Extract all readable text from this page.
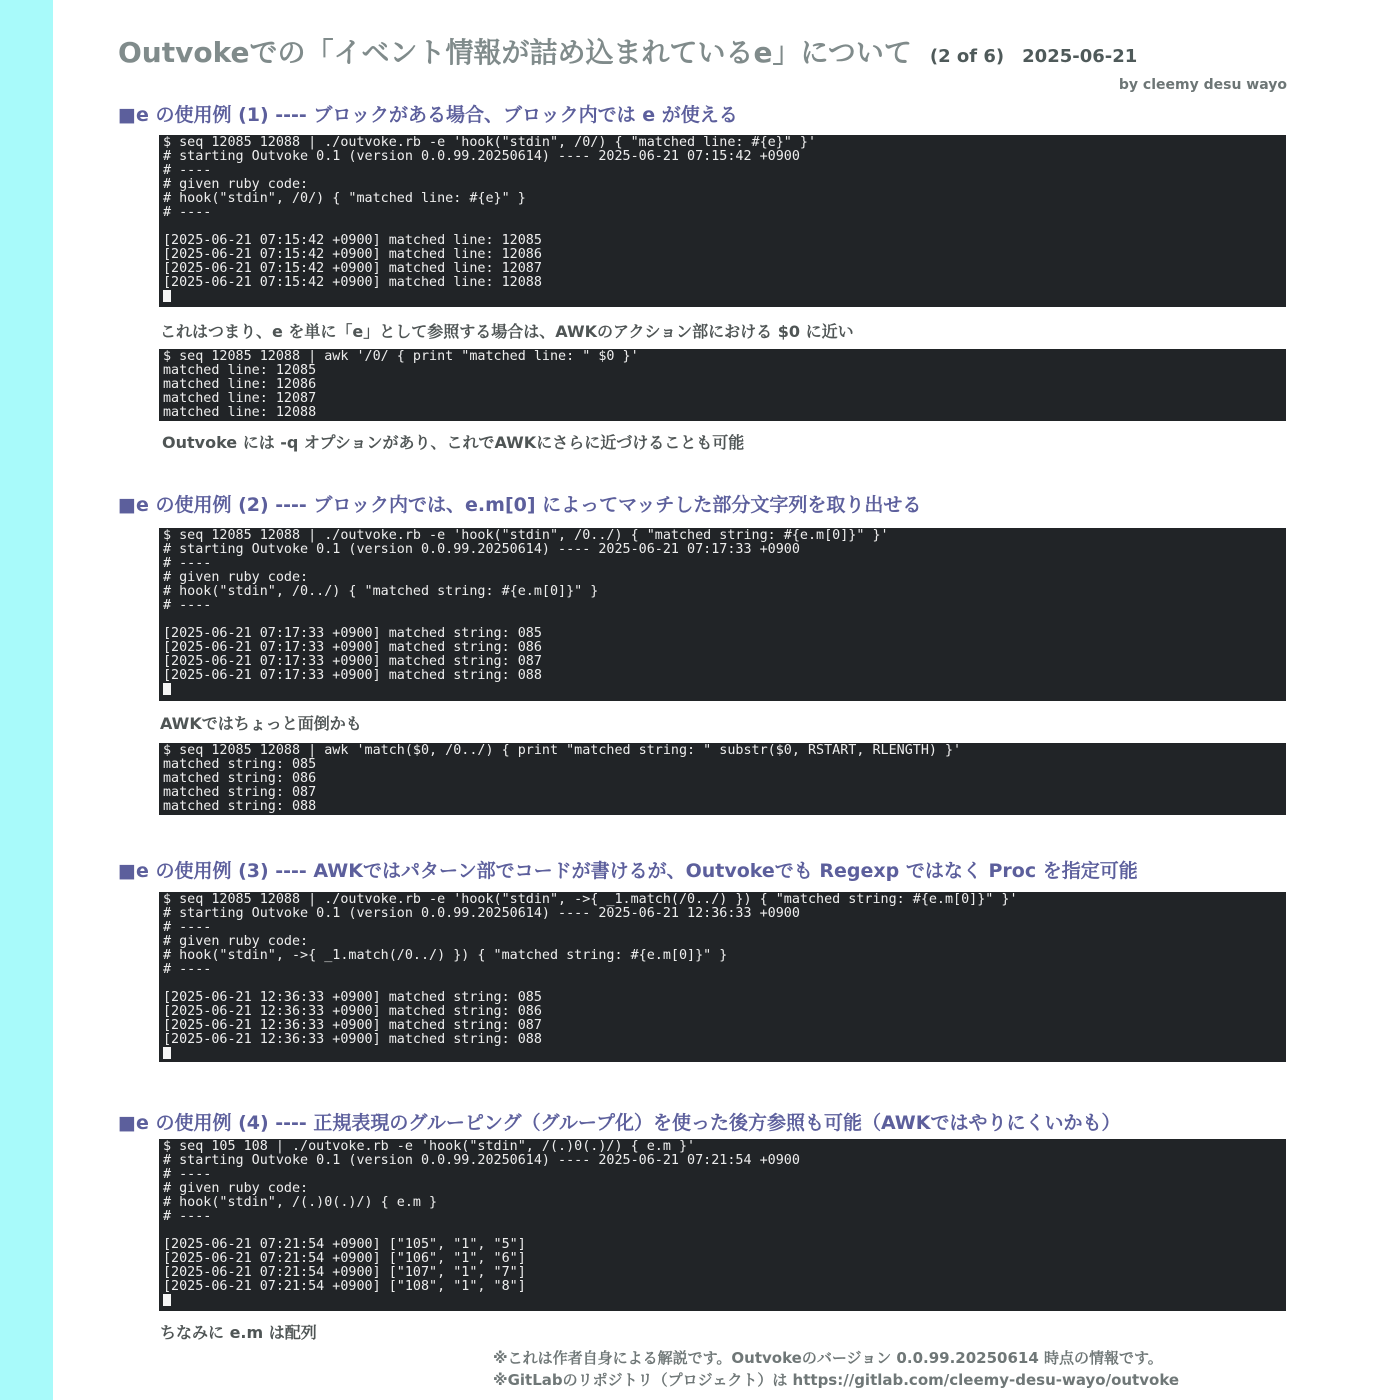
Outvokeでの「イベント情報が詰め込まれているe」について (2 of 6) 2025-06-21
by cleemy desu wayo
■e の使用例 (1) ---- ブロックがある場合、ブロック内では e が使える
$ seq 12085 12088 | ./outvoke.rb -e 'hook("stdin", /0/) { "matched line: #{e}" }'
# starting Outvoke 0.1 (version 0.0.99.20250614) ---- 2025-06-21 07:15:42 +0900
# ----
# given ruby code:
# hook("stdin", /0/) { "matched line: #{e}" }
# ----
[2025-06-21 07:15:42 +0900] matched line: 12085
[2025-06-21 07:15:42 +0900] matched line: 12086
[2025-06-21 07:15:42 +0900] matched line: 12087
[2025-06-21 07:15:42 +0900] matched line: 12088
これはつまり、e を単に「e」として参照する場合は、AWKのアクション部における $0 に近い
$ seq 12085 12088 | awk '/0/ { print "matched line: " $0 }'
matched line: 12085
matched line: 12086
matched line: 12087
matched line: 12088
Outvoke には -q オプションがあり、これでAWKにさらに近づけることも可能
■e の使用例 (2) ---- ブロック内では、e.m[0] によってマッチした部分文字列を取り出せる
$ seq 12085 12088 | ./outvoke.rb -e 'hook("stdin", /0../) { "matched string: #{e.m[0]}" }'
# starting Outvoke 0.1 (version 0.0.99.20250614) ---- 2025-06-21 07:17:33 +0900
# ----
# given ruby code:
# hook("stdin", /0../) { "matched string: #{e.m[0]}" }
# ----
[2025-06-21 07:17:33 +0900] matched string: 085
[2025-06-21 07:17:33 +0900] matched string: 086
[2025-06-21 07:17:33 +0900] matched string: 087
[2025-06-21 07:17:33 +0900] matched string: 088
AWKではちょっと面倒かも
$ seq 12085 12088 | awk 'match($0, /0../) { print "matched string: " substr($0, RSTART, RLENGTH) }'
matched string: 085
matched string: 086
matched string: 087
matched string: 088
■e の使用例 (3) ---- AWKではパターン部でコードが書けるが、Outvokeでも Regexp ではなく Proc を指定可能
$ seq 12085 12088 | ./outvoke.rb -e 'hook("stdin", ->{ _1.match(/0../) }) { "matched string: #{e.m[0]}" }'
# starting Outvoke 0.1 (version 0.0.99.20250614) ---- 2025-06-21 12:36:33 +0900
# ----
# given ruby code:
# hook("stdin", ->{ _1.match(/0../) }) { "matched string: #{e.m[0]}" }
# ----
[2025-06-21 12:36:33 +0900] matched string: 085
[2025-06-21 12:36:33 +0900] matched string: 086
[2025-06-21 12:36:33 +0900] matched string: 087
[2025-06-21 12:36:33 +0900] matched string: 088
■e の使用例 (4) ---- 正規表現のグルーピング（グループ化）を使った後方参照も可能（AWKではやりにくいかも）
$ seq 105 108 | ./outvoke.rb -e 'hook("stdin", /(.)0(.)/) { e.m }'
# starting Outvoke 0.1 (version 0.0.99.20250614) ---- 2025-06-21 07:21:54 +0900
# ----
# given ruby code:
# hook("stdin", /(.)0(.)/) { e.m }
# ----
[2025-06-21 07:21:54 +0900] ["105", "1", "5"]
[2025-06-21 07:21:54 +0900] ["106", "1", "6"]
[2025-06-21 07:21:54 +0900] ["107", "1", "7"]
[2025-06-21 07:21:54 +0900] ["108", "1", "8"]
ちなみに e.m は配列
※これは作者自身による解説です。Outvokeのバージョン 0.0.99.20250614 時点の情報です。
※GitLabのリポジトリ（プロジェクト）は https://gitlab.com/cleemy-desu-wayo/outvoke
